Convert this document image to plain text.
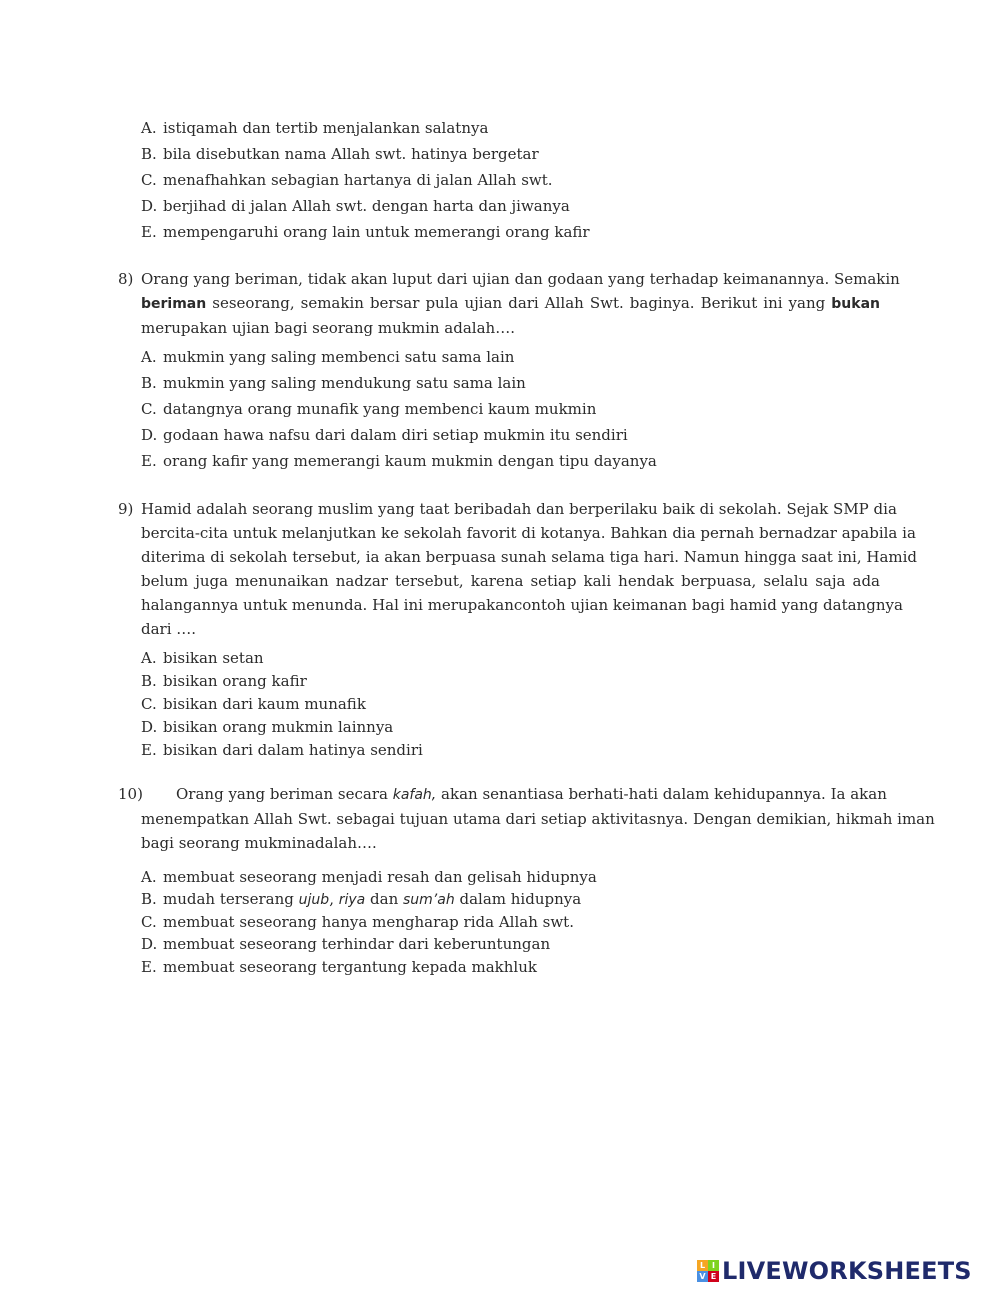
A. istiqamah dan tertib menjalankan salatnya
B. bila disebutkan nama Allah swt. hatinya bergetar
C. menafhahkan sebagian hartanya di jalan Allah swt.
D. berjihad di jalan Allah swt. dengan harta dan jiwanya
E. mempengaruhi orang lain untuk memerangi orang kafir
8) Orang yang beriman, tidak akan luput dari ujian dan godaan yang terhadap keimanannya. Semakin
beriman seseorang, semakin bersar pula ujian dari Allah Swt. baginya. Berikut ini yang bukan
merupakan ujian bagi seorang mukmin adalah….
A. mukmin yang saling membenci satu sama lain
B. mukmin yang saling mendukung satu sama lain
C. datangnya orang munafik yang membenci kaum mukmin
D. godaan hawa nafsu dari dalam diri setiap mukmin itu sendiri
E. orang kafir yang memerangi kaum mukmin dengan tipu dayanya
9) Hamid adalah seorang muslim yang taat beribadah dan berperilaku baik di sekolah. Sejak SMP dia
bercita-cita untuk melanjutkan ke sekolah favorit di kotanya. Bahkan dia pernah bernadzar apabila ia
diterima di sekolah tersebut, ia akan berpuasa sunah selama tiga hari. Namun hingga saat ini, Hamid
belum juga menunaikan nadzar tersebut, karena setiap kali hendak berpuasa, selalu saja ada
halangannya untuk menunda. Hal ini merupakancontoh ujian keimanan bagi hamid yang datangnya
dari ….
A. bisikan setan
B. bisikan orang kafir
C. bisikan dari kaum munafik
D. bisikan orang mukmin lainnya
E. bisikan dari dalam hatinya sendiri
10)	Orang yang beriman secara kafah, akan senantiasa berhati-hati dalam kehidupannya. Ia akan
menempatkan Allah Swt. sebagai tujuan utama dari setiap aktivitasnya. Dengan demikian, hikmah iman
bagi seorang mukminadalah….
A. membuat seseorang menjadi resah dan gelisah hidupnya
B. mudah terserang ujub, riya dan sum’ah dalam hidupnya
C. membuat seseorang hanya mengharap rida Allah swt.
D. membuat seseorang terhindar dari keberuntungan
E. membuat seseorang tergantung kepada makhluk
L I
V E LIVEWORKSHEETS
